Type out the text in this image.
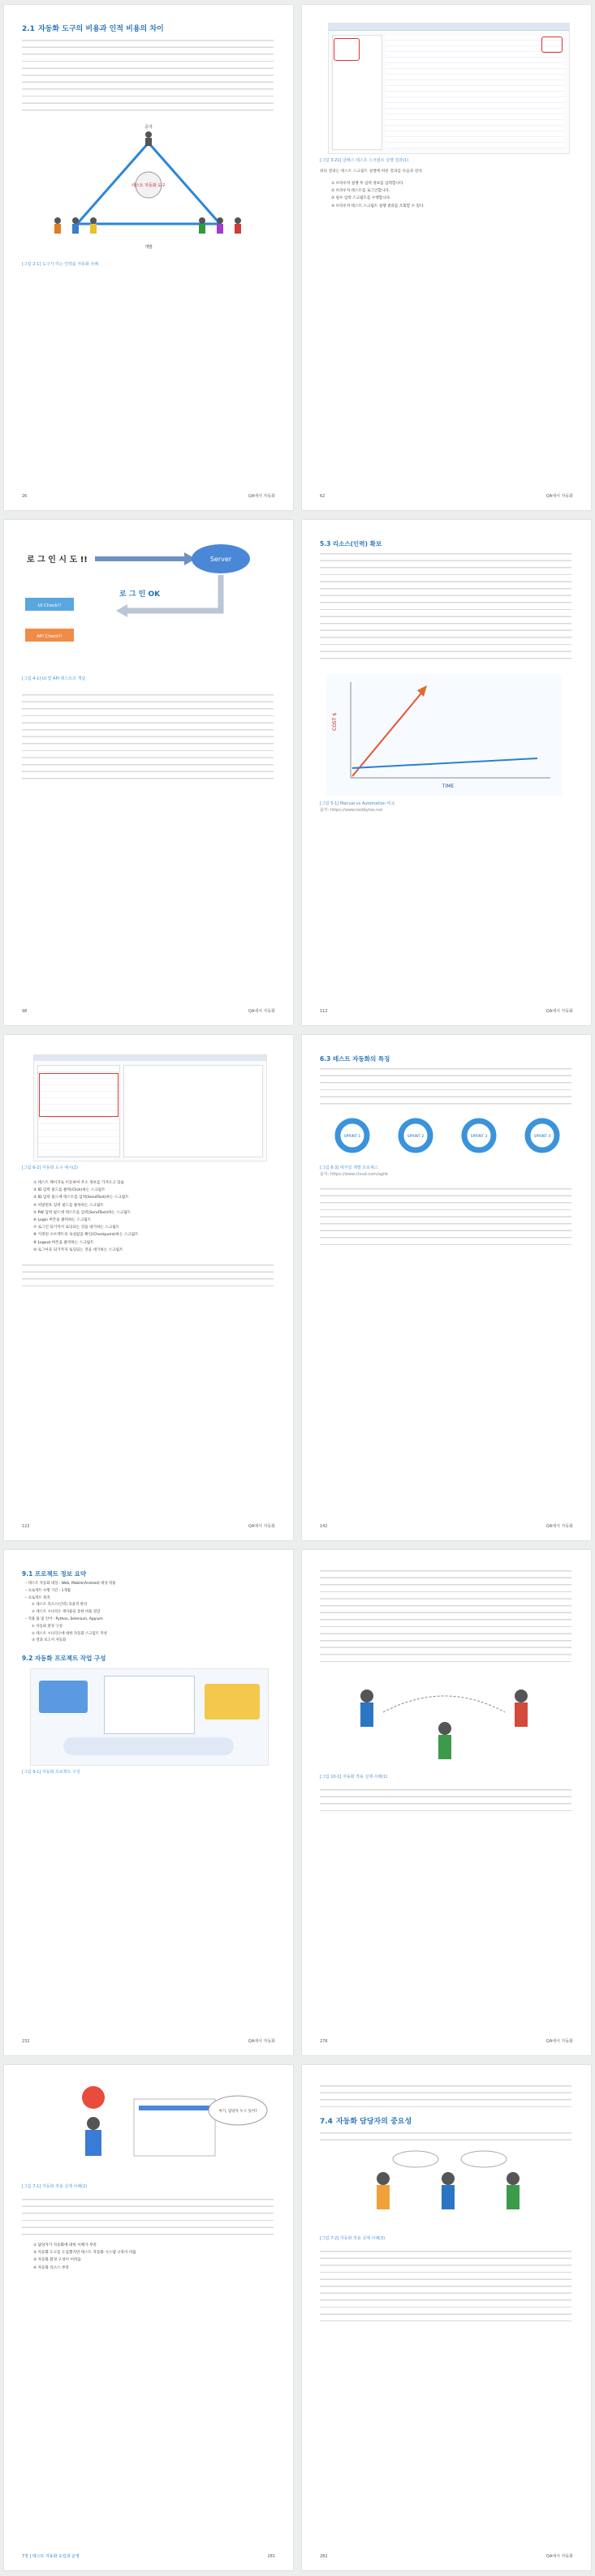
2.1 자동화 도구의 비용과 인적 비용의 차이
테스트 자동화 도구
공자
개발
[그림 2-1] 도구가 하는 인력을 자동화 사례
26	QA에서 자동화
[그림 3-21] 클래스 테스트 스크립트 실행 결과(1)
위의 결과는 테스트 스크립트 실행에 따른 결과를 다음과 같다.
① 브라우저 실행 후 입력 정보를 입력합니다.
② 브라우저 테스트를 로그인합니다.
③ 필수 입력 스크립트를 수행합니다.
④ 브라우저 테스트 스크립트 실행 결과를 조회할 수 있다.
62	QA에서 자동화
로 그 인 시 도 !!	Server
로 그 인 OK
UI Check!!
API Check!!
[그림 4-1] UI 및 API 테스트의 개념
98	QA에서 자동화
5.3 리소스(인력) 확보
COST $
TIME
[그림 5-1] Manual vs Automation 비교
출처: https://www.testbytes.net
112	QA에서 자동화
[그림 6-2] 자동화 도구 예시(2)
① 테스트 페이지로 이동하여 주소 정보를 가져오고 있습
② ID 입력 필드를 클릭(Click)하는 스크립트
③ ID 입력 필드에 텍스트를 입력(SendText)하는 스크립트
④ 비밀번호 입력 필드를 클릭하는 스크립트
⑤ PW 입력 필드에 텍스트를 입력(SendText)하는 스크립트
⑥ Login 버튼을 클릭하는 스크립트
⑦ 로그인 되기까지 로딩되는 것을 대기하는 스크립트
⑧ 지정된 오브젝트의 속성값을 확인(Checkpoint)하는 스크립트
⑨ Logout 버튼을 클릭하는 스크립트
⑩ 로그아웃 되기까지 로딩되는 것을 대기하는 스크립트
122	QA에서 자동화
6.3 테스트 자동화의 특징
SPRINT 1	SPRINT 2	SPRINT 3	SPRINT 4
[그림 6-3] 애자일 개발 프로세스
출처: https://www.cloud.com/agile
142	QA에서 자동화
9.1 프로젝트 정보 요약
– 테스트 자동화 대상 : Web, Mobile(Android) 대상 적용
– 프로젝트 수행 기간 : 1개월
– 프로젝트 목적
① 테스트 리소스(인력) 효율적 관리
② 테스트 시나리오 재사용을 통한 비용 절감
– 적용 툴 및 언어 : Python, Selenium, Appium
① 자동화 환경 구성
② 테스트 시나리오에 대한 자동화 스크립트 작성
③ 결과 보고서 자동화
9.2 자동화 프로젝트 작업 구성
[그림 9-1] 자동화 프로젝트 구성
232	QA에서 자동화
[그림 10-1] 자동화 적용 실제 사례(1)
276	QA에서 자동화
여기, 담당자 누구 있어?
[그림 7-1] 자동화 적용 실제 사례(2)
① 담당자가 자동화에 대한 이해가 부족
② 자동화 도구를 도입했지만 테스트 자동화 시스템 구축이 미흡
③ 자동화 환경 구성이 어려움
④ 자동화 리소스 부족
7장 | 테스트 자동화 도입과 운영	281
7.4 자동화 담당자의 중요성
[그림 7-2] 자동화 적용 실제 사례(3)
282	QA에서 자동화
